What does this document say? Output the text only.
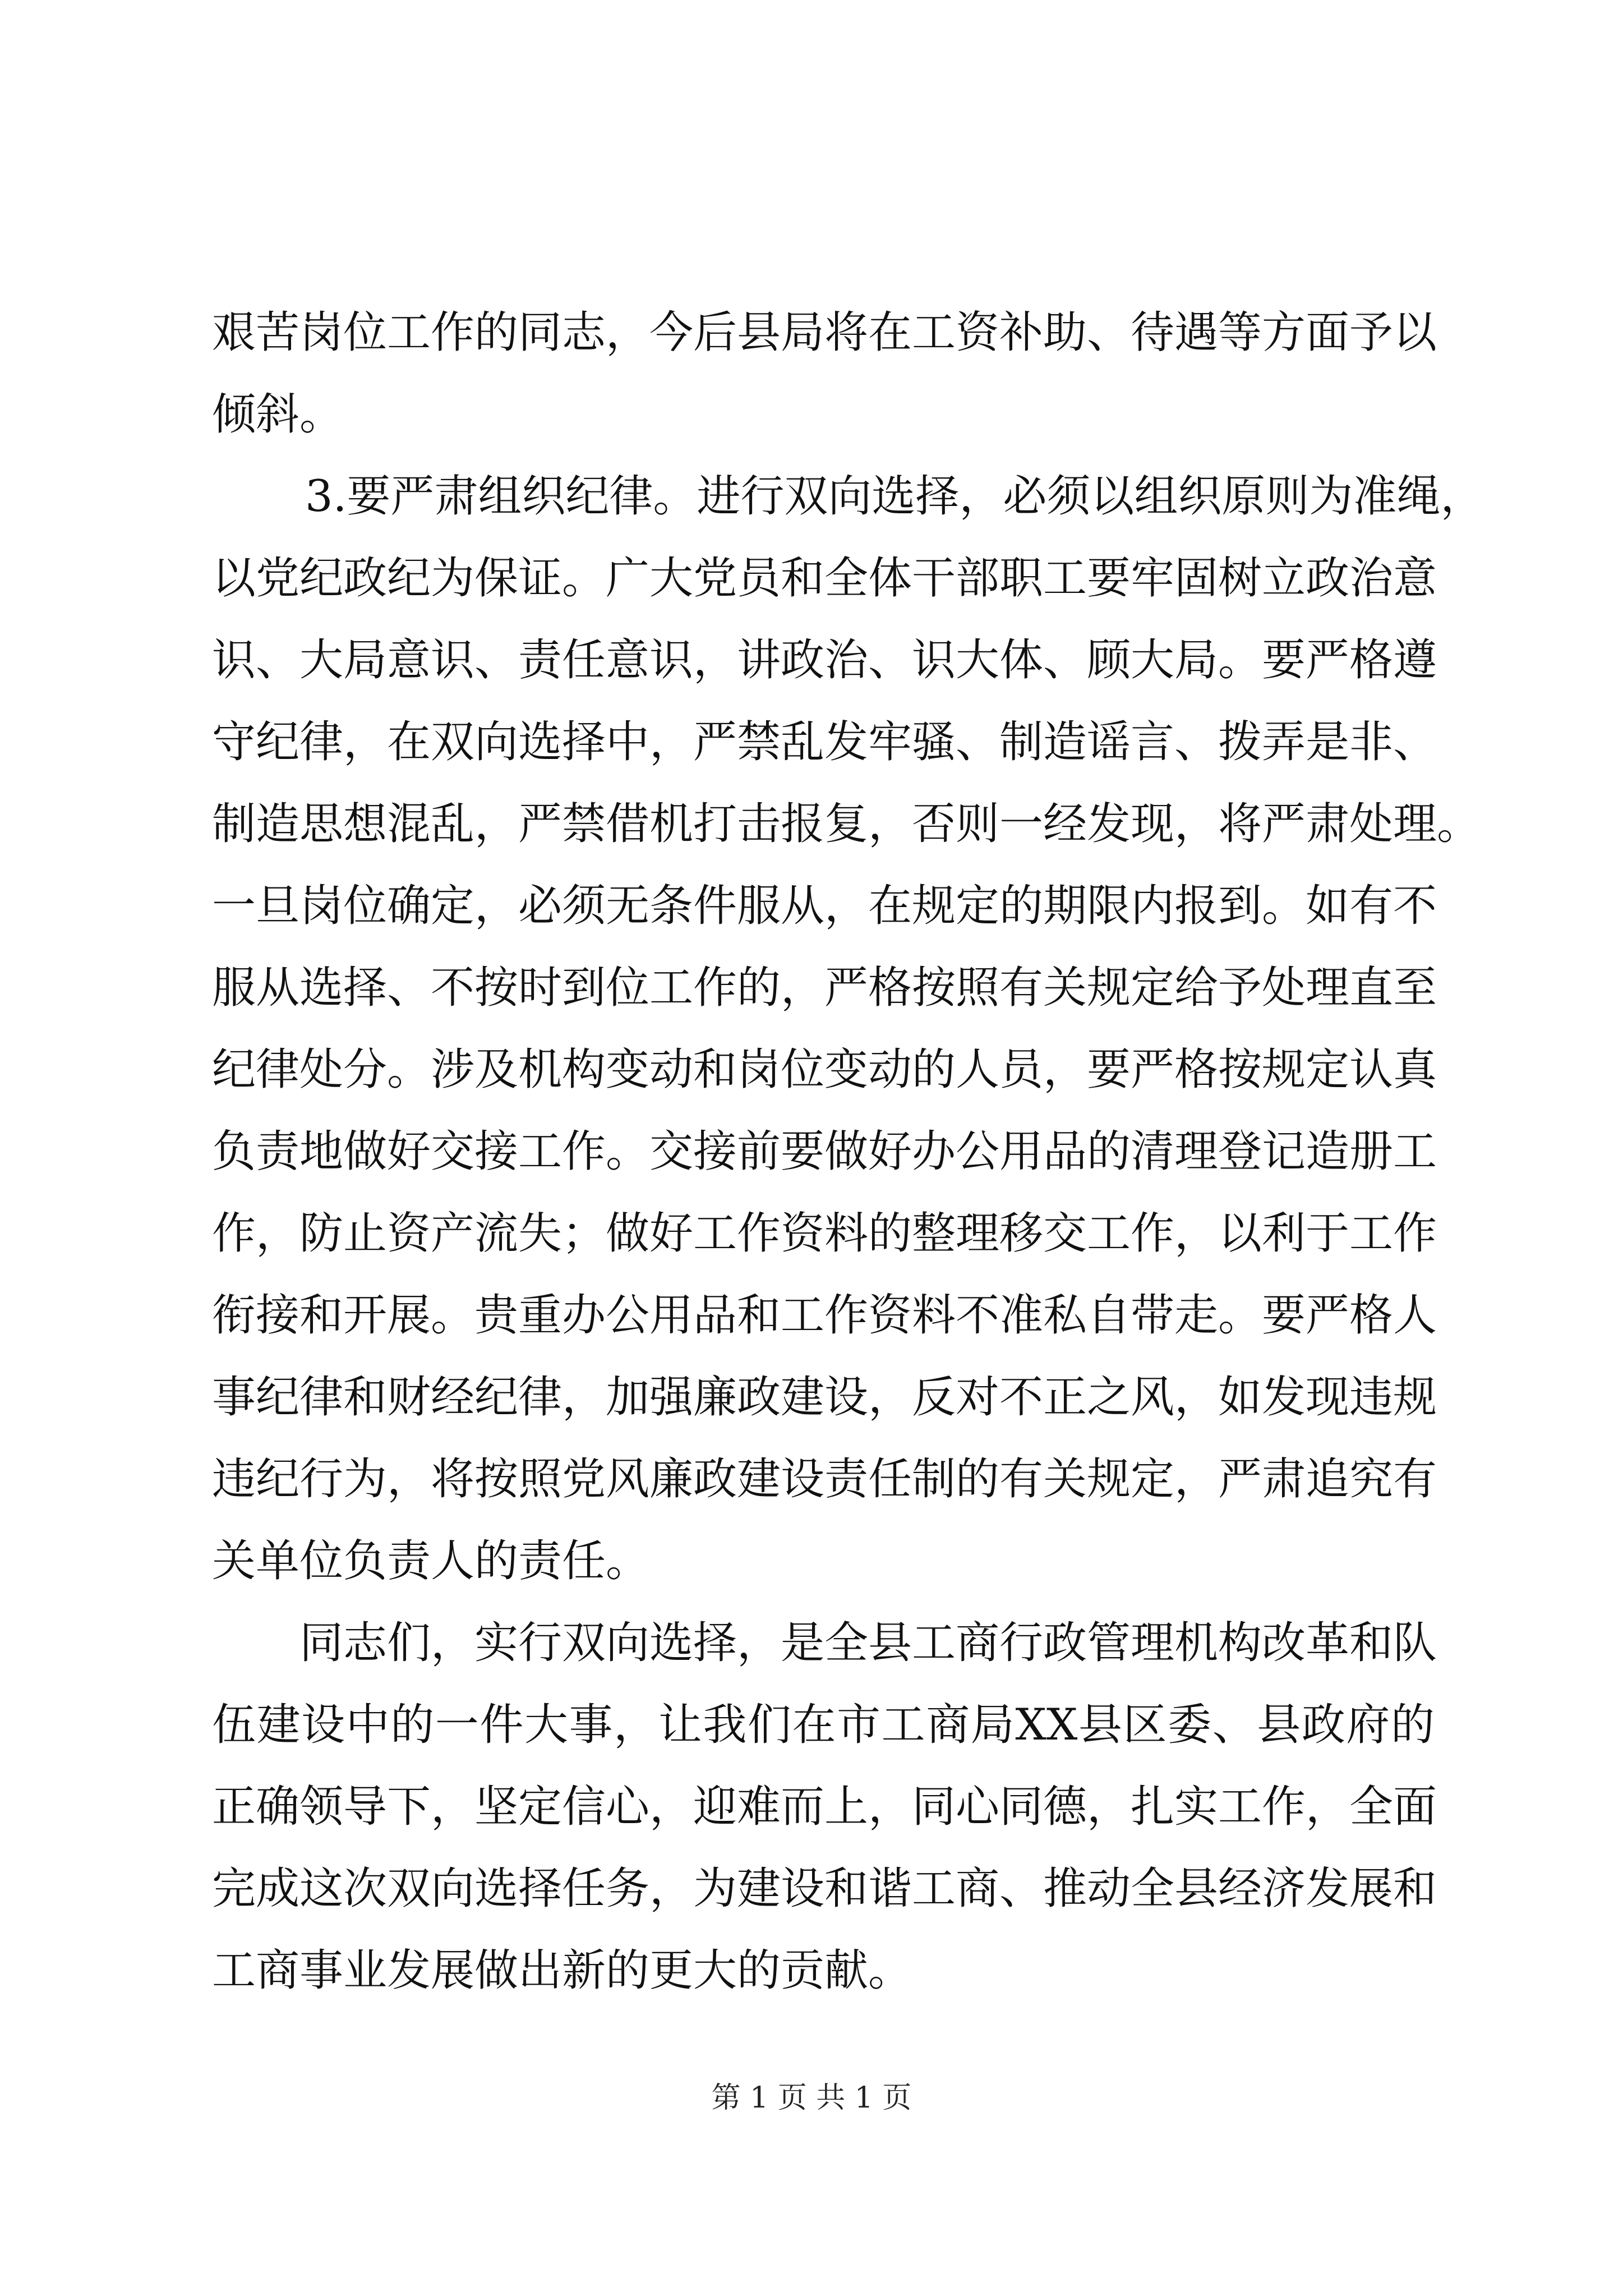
艰苦岗位工作的同志，今后县局将在工资补助、待遇等方面予以
倾斜。
3.要严肃组织纪律。进行双向选择，必须以组织原则为准绳，
以党纪政纪为保证。广大党员和全体干部职工要牢固树立政治意
识、大局意识、责任意识，讲政治、识大体、顾大局。要严格遵
守纪律，在双向选择中，严禁乱发牢骚、制造谣言、拨弄是非、
制造思想混乱，严禁借机打击报复，否则一经发现，将严肃处理。
一旦岗位确定，必须无条件服从，在规定的期限内报到。如有不
服从选择、不按时到位工作的，严格按照有关规定给予处理直至
纪律处分。涉及机构变动和岗位变动的人员，要严格按规定认真
负责地做好交接工作。交接前要做好办公用品的清理登记造册工
作，防止资产流失；做好工作资料的整理移交工作，以利于工作
衔接和开展。贵重办公用品和工作资料不准私自带走。要严格人
事纪律和财经纪律，加强廉政建设，反对不正之风，如发现违规
违纪行为，将按照党风廉政建设责任制的有关规定，严肃追究有
关单位负责人的责任。
同志们，实行双向选择，是全县工商行政管理机构改革和队
伍建设中的一件大事，让我们在市工商局XX县区委、县政府的
正确领导下，坚定信心，迎难而上，同心同德，扎实工作，全面
完成这次双向选择任务，为建设和谐工商、推动全县经济发展和
工商事业发展做出新的更大的贡献。
第 1 页 共 1 页
